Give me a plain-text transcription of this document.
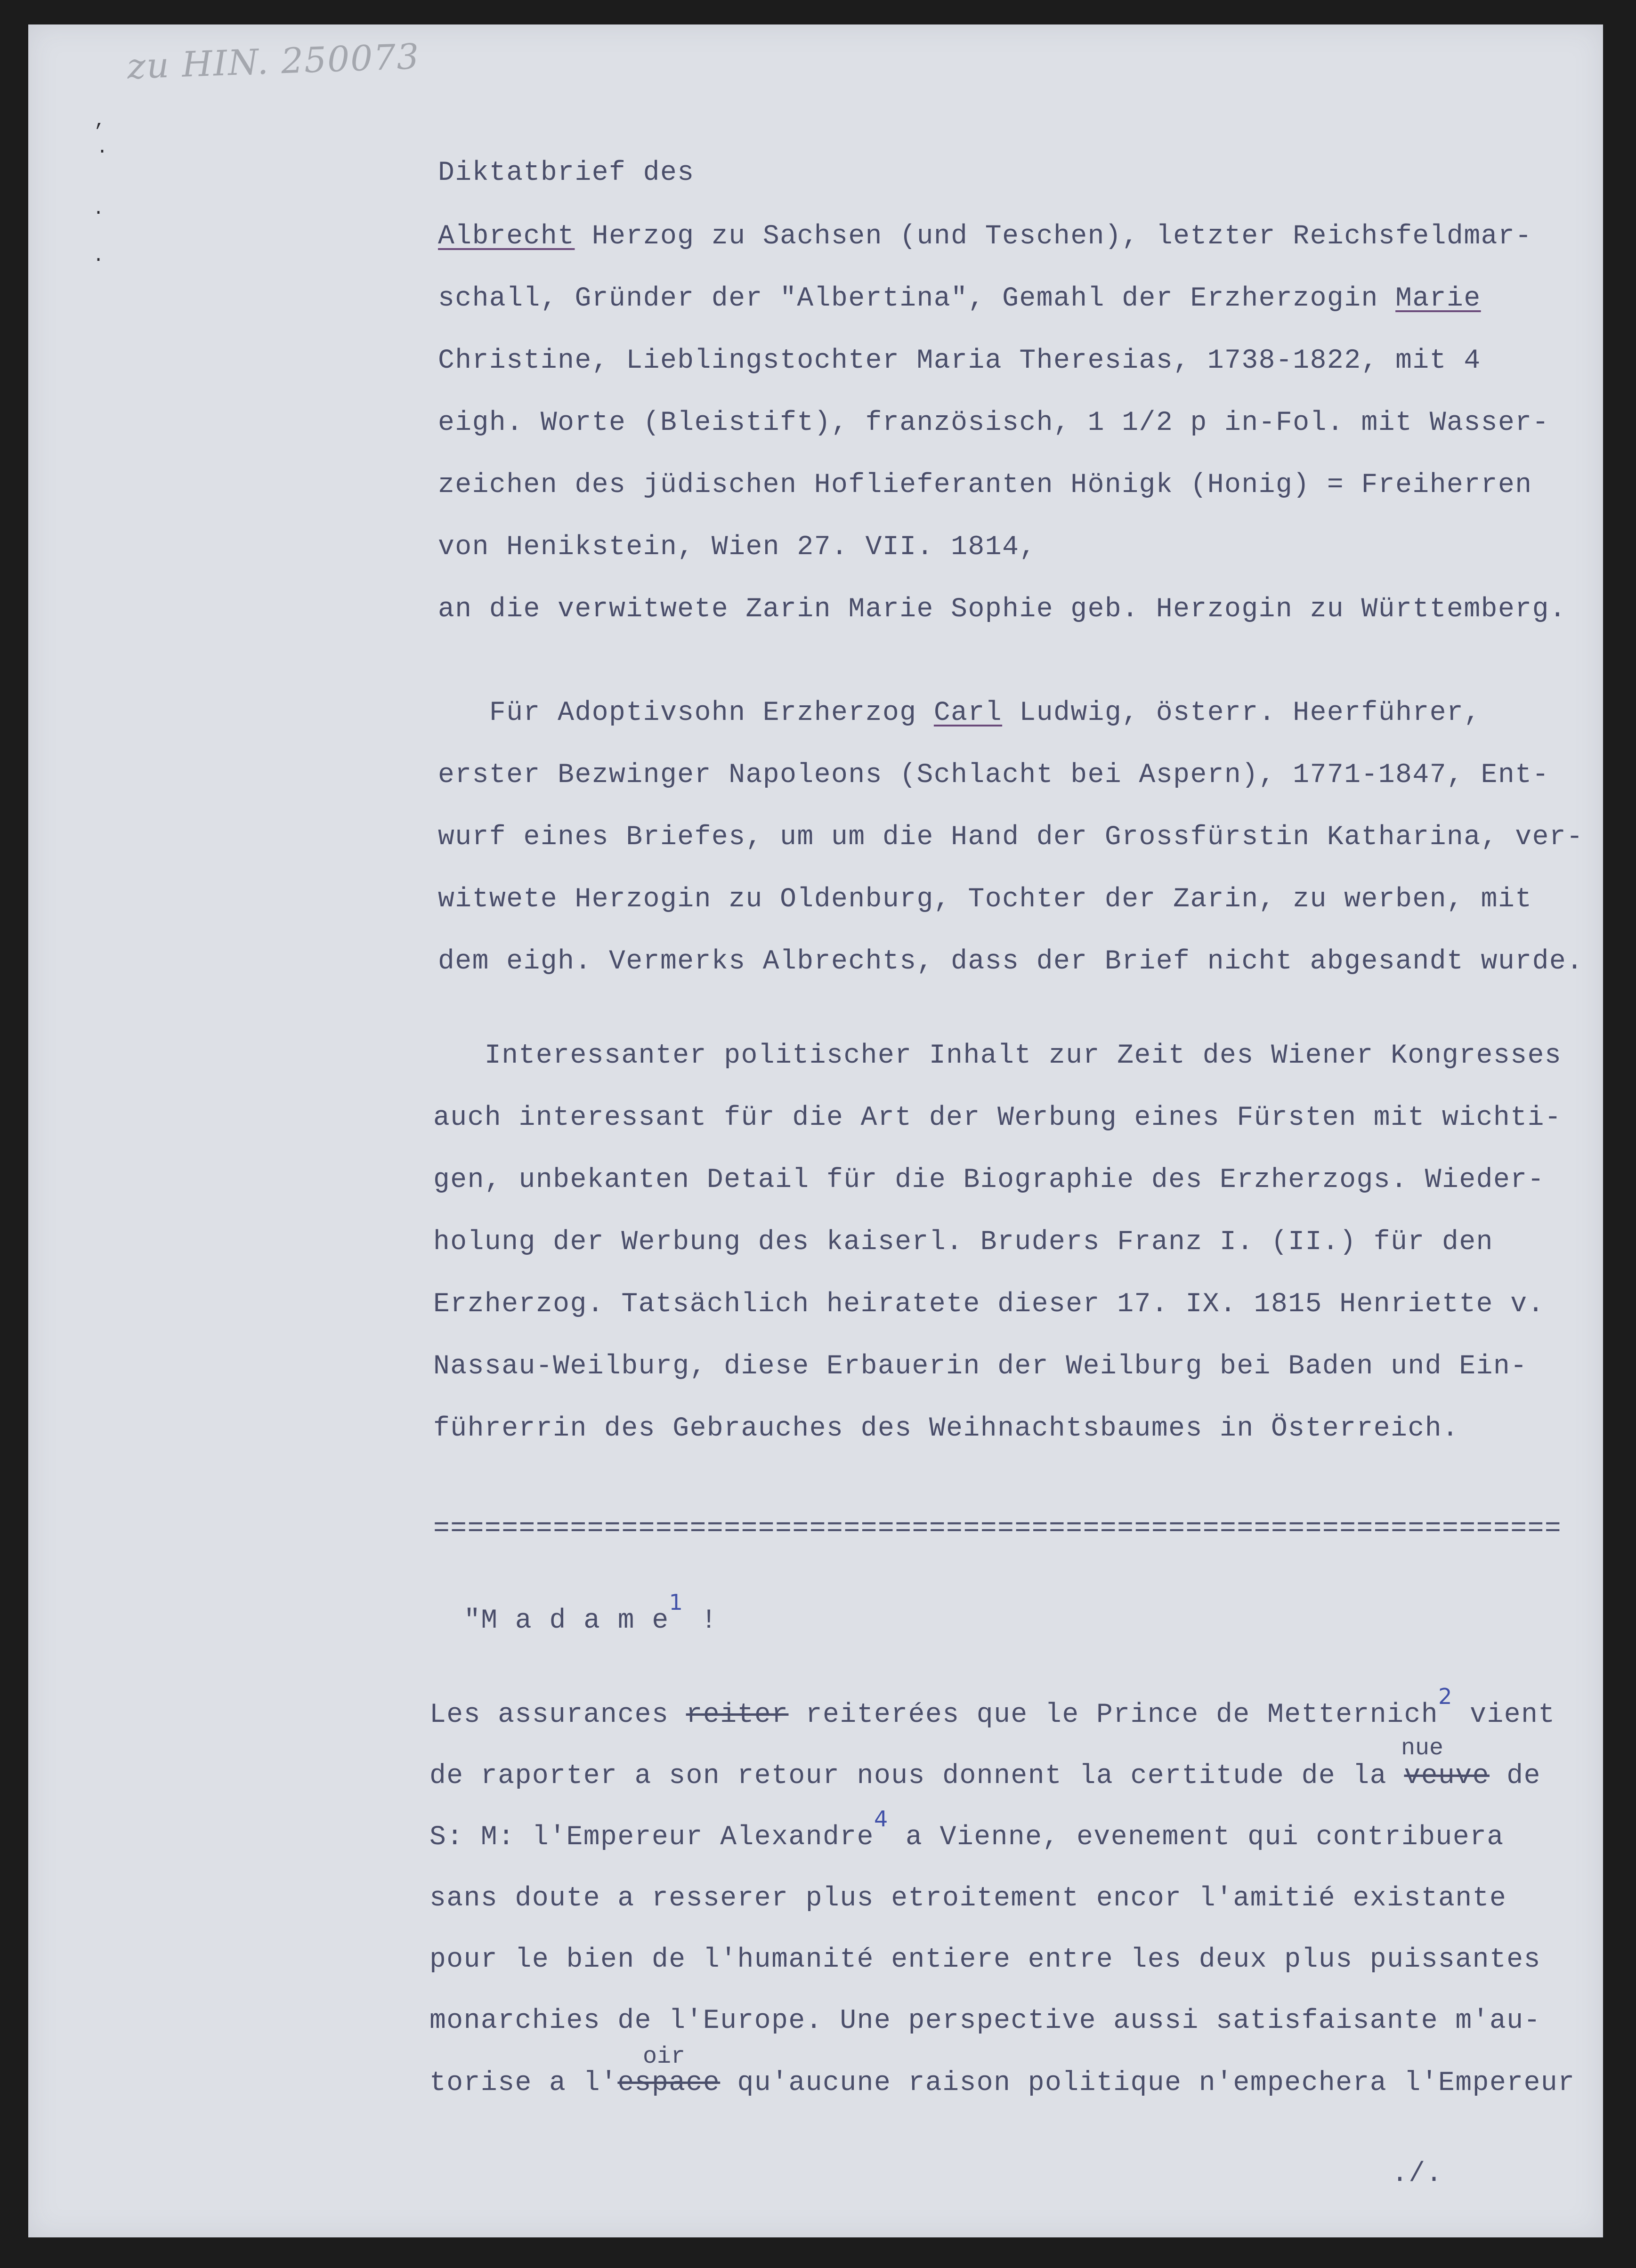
zu HIN. 250073
,
·
·
·
Diktatbrief des
Albrecht Herzog zu Sachsen (und Teschen), letzter Reichsfeldmar-
schall, Gründer der "Albertina", Gemahl der Erzherzogin Marie
Christine, Lieblingstochter Maria Theresias, 1738-1822, mit 4
eigh. Worte (Bleistift), französisch, 1 1/2 p in-Fol. mit Wasser-
zeichen des jüdischen Hoflieferanten Hönigk (Honig) = Freiherren
von Henikstein, Wien 27. VII. 1814,
an die verwitwete Zarin Marie Sophie geb. Herzogin zu Württemberg.
Für Adoptivsohn Erzherzog Carl Ludwig, österr. Heerführer,
erster Bezwinger Napoleons (Schlacht bei Aspern), 1771-1847, Ent-
wurf eines Briefes, um um die Hand der Grossfürstin Katharina, ver-
witwete Herzogin zu Oldenburg, Tochter der Zarin, zu werben, mit
dem eigh. Vermerks Albrechts, dass der Brief nicht abgesandt wurde.
Interessanter politischer Inhalt zur Zeit des Wiener Kongresses
auch interessant für die Art der Werbung eines Fürsten mit wichti-
gen, unbekanten Detail für die Biographie des Erzherzogs. Wieder-
holung der Werbung des kaiserl. Bruders Franz I. (II.) für den
Erzherzog. Tatsächlich heiratete dieser 17. IX. 1815 Henriette v.
Nassau-Weilburg, diese Erbauerin der Weilburg bei Baden und Ein-
führerrin des Gebrauches des Weihnachtsbaumes in Österreich.
==================================================================
"M a d a m $e^1$ !
Les assurances reiter reiterées que le Prince de Metternich$^2$ vient
nue
de raporter a son retour nous donnent la certitude de la veuve de
S: M: l'Empereur Alexandre$^4$ a Vienne, evenement qui contribuera
sans doute a resserer plus etroitement encor l'amitié existante
pour le bien de l'humanité entiere entre les deux plus puissantes
monarchies de l'Europe. Une perspective aussi satisfaisante m'au-
oir
torise a l'espace qu'aucune raison politique n'empechera l'Empereur
./.
